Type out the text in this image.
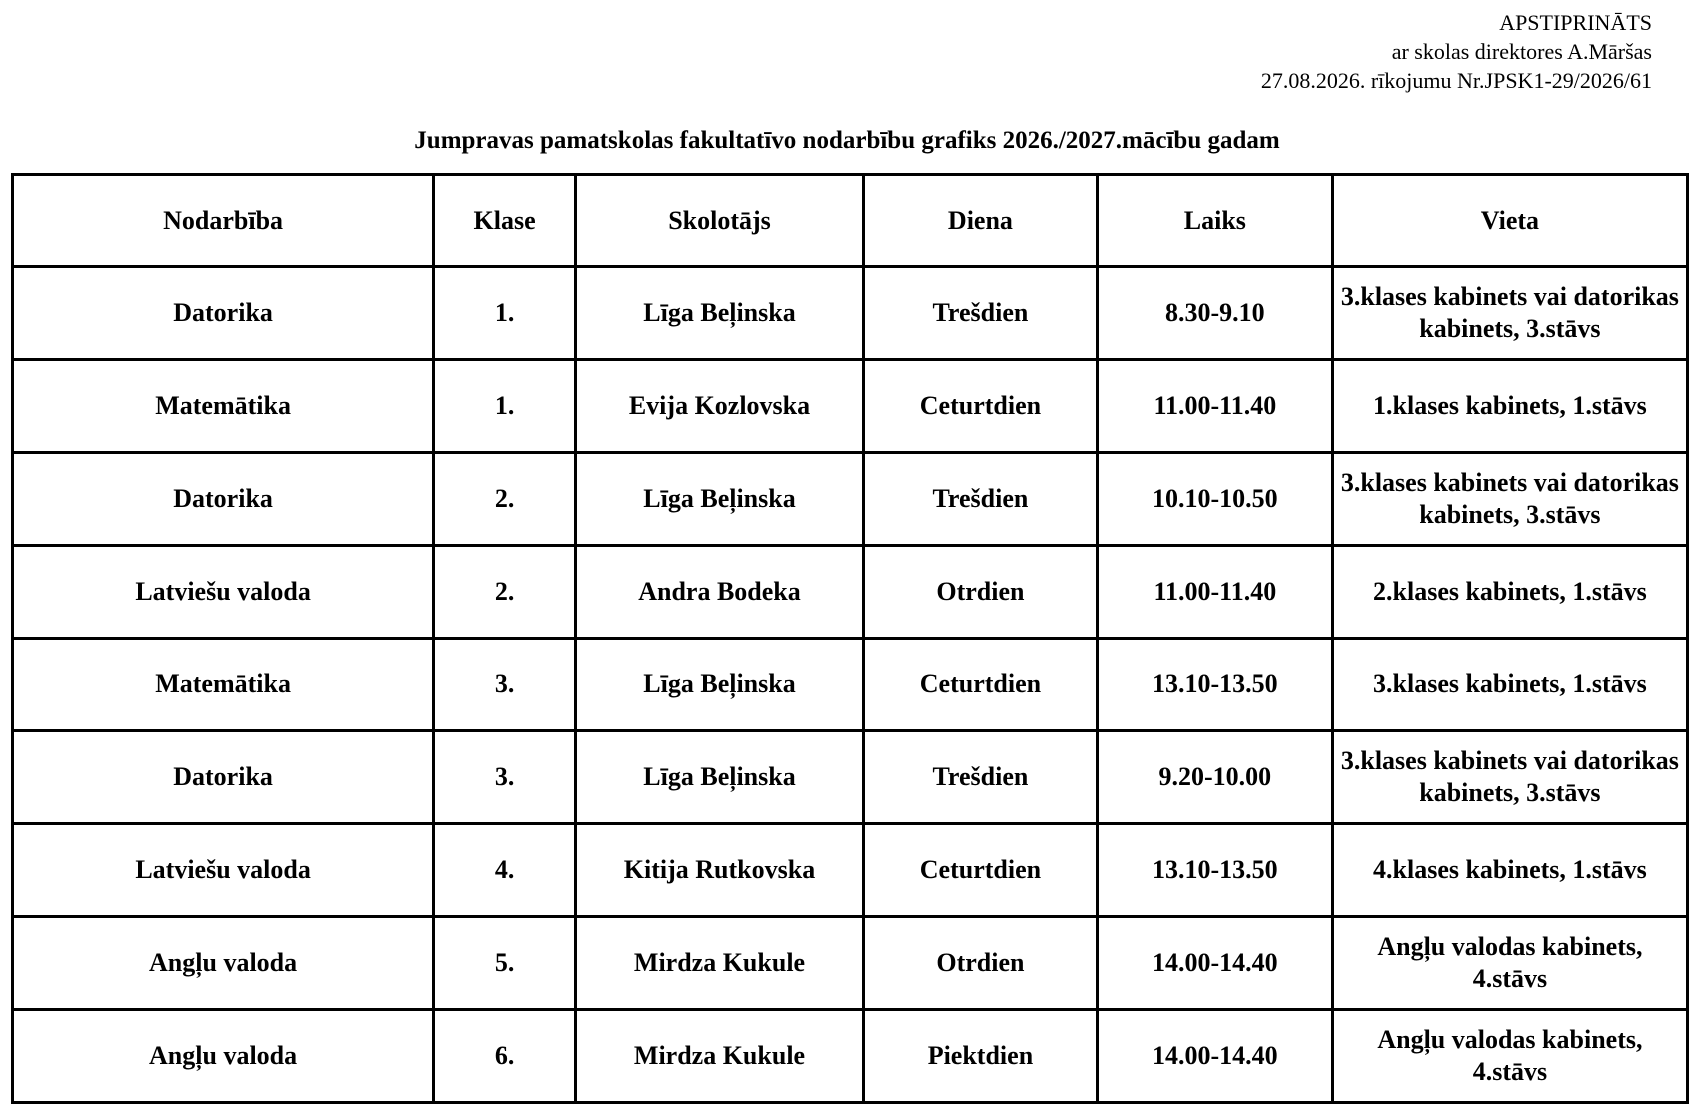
APSTIPRINĀTS
ar skolas direktores A.Māršas
27.08.2026. rīkojumu Nr.JPSK1-29/2026/61
Jumpravas pamatskolas fakultatīvo nodarbību grafiks 2026./2027.mācību gadam
Nodarbība	Klase	Skolotājs	Diena	Laiks	Vieta
Datorika	1.	Līga Beļinska	Trešdien	8.30-9.10	3.klases kabinets vai datorikas kabinets, 3.stāvs
Matemātika	1.	Evija Kozlovska	Ceturtdien	11.00-11.40	1.klases kabinets, 1.stāvs
Datorika	2.	Līga Beļinska	Trešdien	10.10-10.50	3.klases kabinets vai datorikas kabinets, 3.stāvs
Latviešu valoda	2.	Andra Bodeka	Otrdien	11.00-11.40	2.klases kabinets, 1.stāvs
Matemātika	3.	Līga Beļinska	Ceturtdien	13.10-13.50	3.klases kabinets, 1.stāvs
Datorika	3.	Līga Beļinska	Trešdien	9.20-10.00	3.klases kabinets vai datorikas kabinets, 3.stāvs
Latviešu valoda	4.	Kitija Rutkovska	Ceturtdien	13.10-13.50	4.klases kabinets, 1.stāvs
Angļu valoda	5.	Mirdza Kukule	Otrdien	14.00-14.40	Angļu valodas kabinets, 4.stāvs
Angļu valoda	6.	Mirdza Kukule	Piektdien	14.00-14.40	Angļu valodas kabinets, 4.stāvs
